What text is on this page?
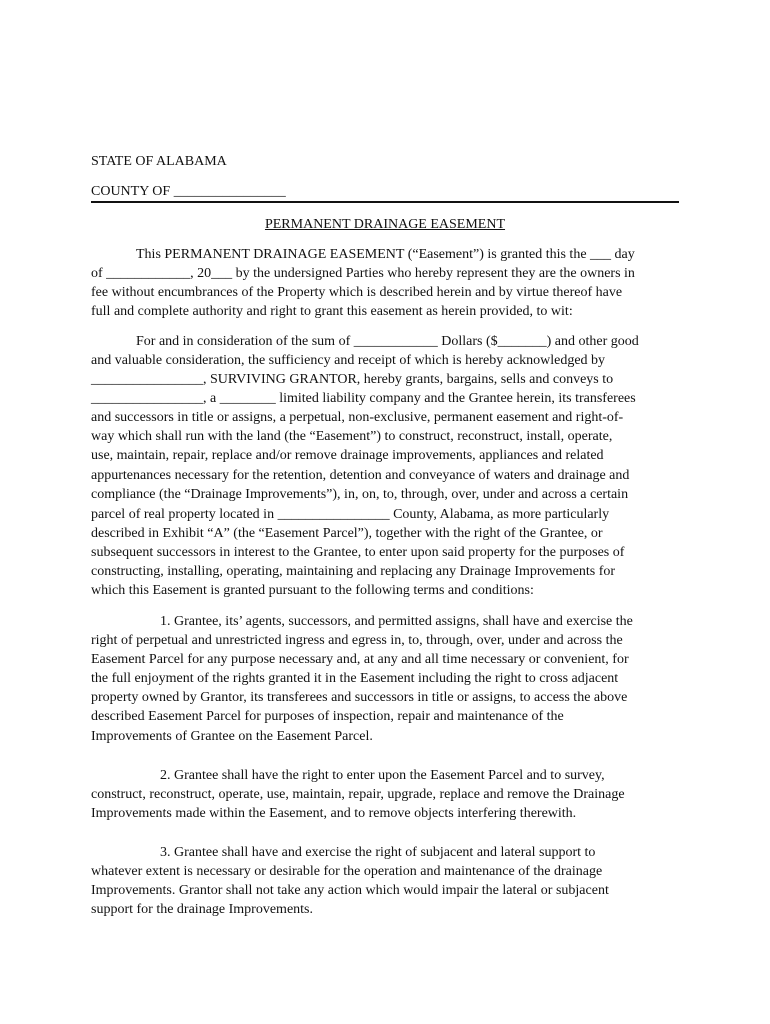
STATE OF ALABAMA
COUNTY OF ________________
PERMANENT DRAINAGE EASEMENT
This PERMANENT DRAINAGE EASEMENT (“Easement”) is granted this the ___ day
of ____________, 20___ by the undersigned Parties who hereby represent they are the owners in
fee without encumbrances of the Property which is described herein and by virtue thereof have
full and complete authority and right to grant this easement as herein provided, to wit:
For and in consideration of the sum of ____________ Dollars ($_______) and other good
and valuable consideration, the sufficiency and receipt of which is hereby acknowledged by
________________, SURVIVING GRANTOR, hereby grants, bargains, sells and conveys to
________________, a ________ limited liability company and the Grantee herein, its transferees
and successors in title or assigns, a perpetual, non-exclusive, permanent easement and right-of-
way which shall run with the land (the “Easement”) to construct, reconstruct, install, operate,
use, maintain, repair, replace and/or remove drainage improvements, appliances and related
appurtenances necessary for the retention, detention and conveyance of waters and drainage and
compliance (the “Drainage Improvements”), in, on, to, through, over, under and across a certain
parcel of real property located in ________________ County, Alabama, as more particularly
described in Exhibit “A” (the “Easement Parcel”), together with the right of the Grantee, or
subsequent successors in interest to the Grantee, to enter upon said property for the purposes of
constructing, installing, operating, maintaining and replacing any Drainage Improvements for
which this Easement is granted pursuant to the following terms and conditions:
1. Grantee, its’ agents, successors, and permitted assigns, shall have and exercise the
right of perpetual and unrestricted ingress and egress in, to, through, over, under and across the
Easement Parcel for any purpose necessary and, at any and all time necessary or convenient, for
the full enjoyment of the rights granted it in the Easement including the right to cross adjacent
property owned by Grantor, its transferees and successors in title or assigns, to access the above
described Easement Parcel for purposes of inspection, repair and maintenance of the
Improvements of Grantee on the Easement Parcel.
2. Grantee shall have the right to enter upon the Easement Parcel and to survey,
construct, reconstruct, operate, use, maintain, repair, upgrade, replace and remove the Drainage
Improvements made within the Easement, and to remove objects interfering therewith.
3. Grantee shall have and exercise the right of subjacent and lateral support to
whatever extent is necessary or desirable for the operation and maintenance of the drainage
Improvements. Grantor shall not take any action which would impair the lateral or subjacent
support for the drainage Improvements.
